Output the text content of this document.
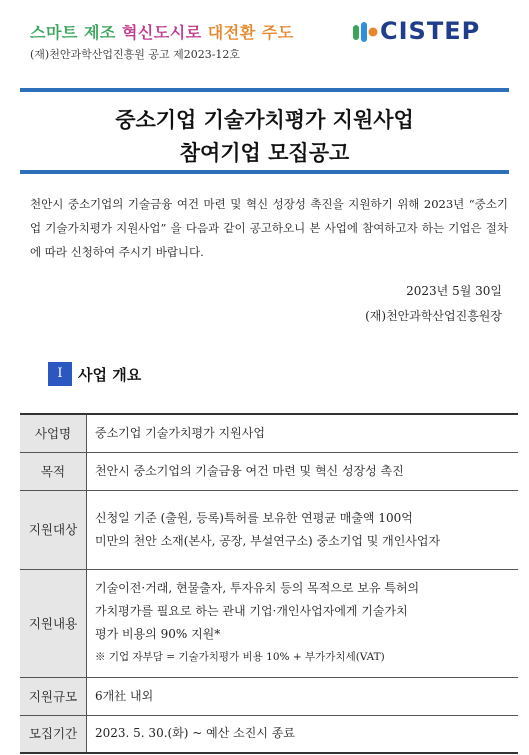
스마트 제조 혁신도시로 대전환 주도
(재)천안과학산업진흥원 공고 제2023-12호
CISTEP
중소기업 기술가치평가 지원사업
참여기업 모집공고
천안시 중소기업의 기술금융 여건 마련 및 혁신 성장성 촉진을 지원하기 위해 2023년 “중소기업 기술가치평가 지원사업” 을 다음과 같이 공고하오니 본 사업에 참여하고자 하는 기업은 절차에 따라 신청하여 주시기 바랍니다.
2023년 5월 30일
(재)천안과학산업진흥원장
Ⅰ	사업 개요
사업명	중소기업 기술가치평가 지원사업

목적	천안시 중소기업의 기술금융 여건 마련 및 혁신 성장성 촉진

지원대상	신청일 기준 (출원, 등록)특허를 보유한 연평균 매출액 100억
미만의 천안 소재(본사, 공장, 부설연구소) 중소기업 및 개인사업자

지원내용	기술이전·거래, 현물출자, 투자유치 등의 목적으로 보유 특허의
가치평가를 필요로 하는 관내 기업·개인사업자에게 기술가치
평가 비용의 90% 지원*
※ 기업 자부담 = 기술가치평가 비용 10% + 부가가치세(VAT)

지원규모	6개社 내외

모집기간	2023. 5. 30.(화) ~ 예산 소진시 종료
